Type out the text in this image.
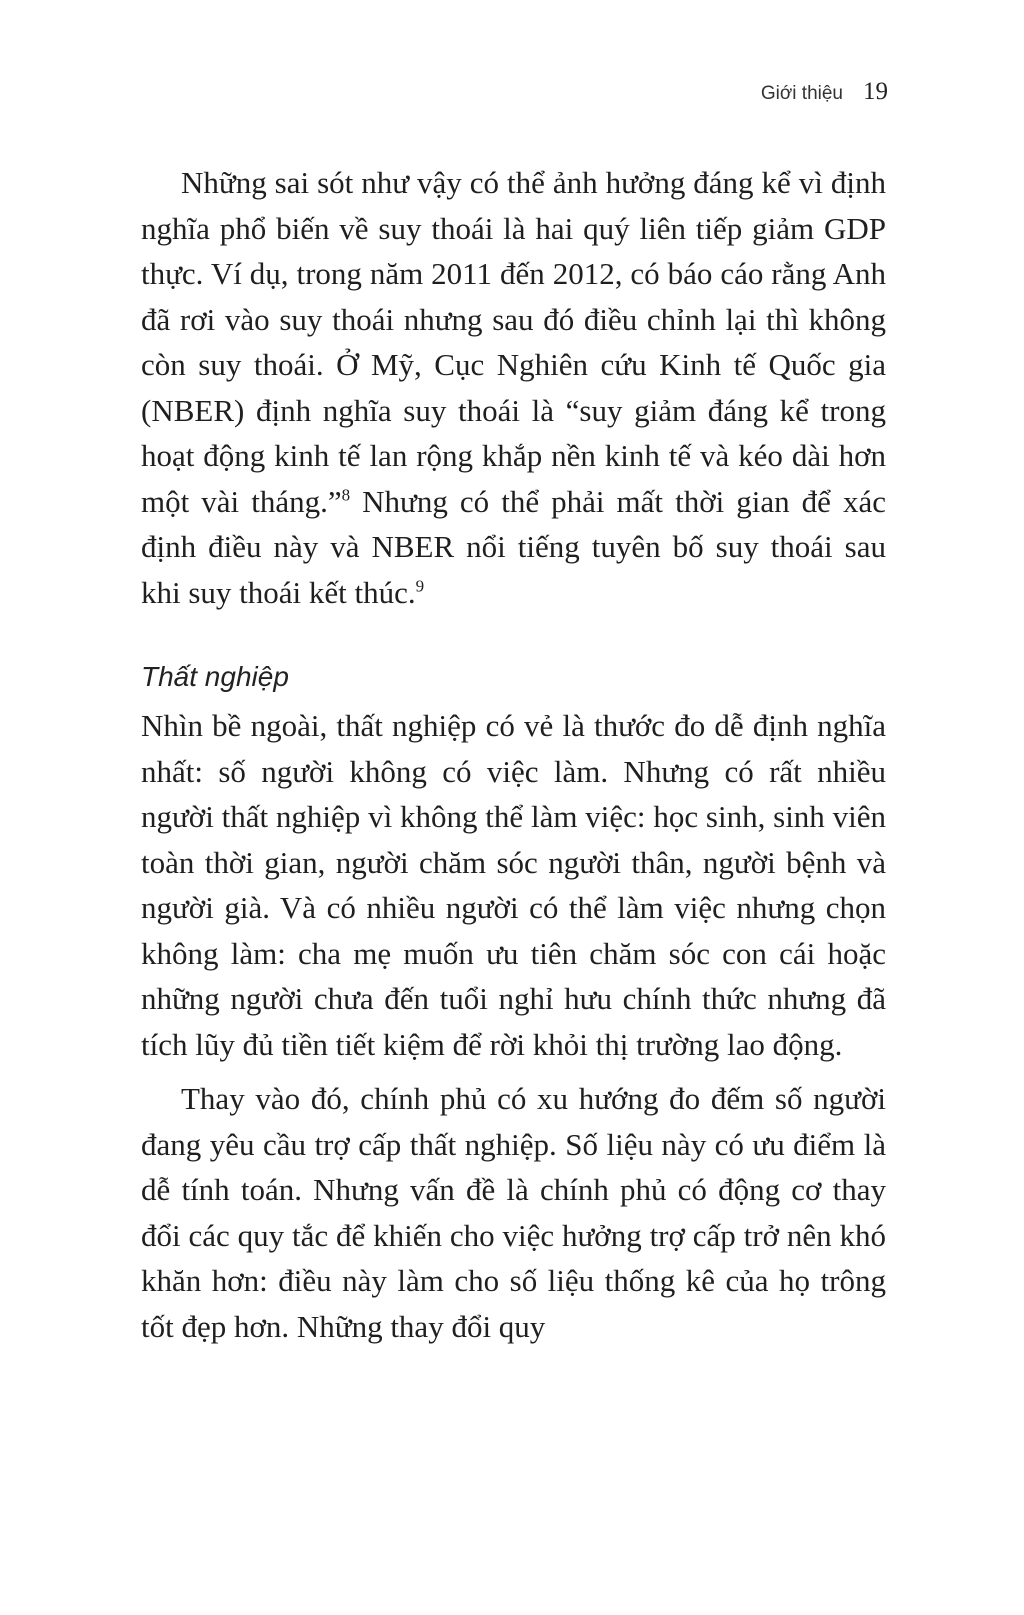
Giới thiệu 19

Những sai sót như vậy có thể ảnh hưởng đáng kể vì định nghĩa phổ biến về suy thoái là hai quý liên tiếp giảm GDP thực. Ví dụ, trong năm 2011 đến 2012, có báo cáo rằng Anh đã rơi vào suy thoái nhưng sau đó điều chỉnh lại thì không còn suy thoái. Ở Mỹ, Cục Nghiên cứu Kinh tế Quốc gia (NBER) định nghĩa suy thoái là “suy giảm đáng kể trong hoạt động kinh tế lan rộng khắp nền kinh tế và kéo dài hơn một vài tháng.”$^8$ Nhưng có thể phải mất thời gian để xác định điều này và NBER nổi tiếng tuyên bố suy thoái sau khi suy thoái kết thúc.$^9$

Thất nghiệp

Nhìn bề ngoài, thất nghiệp có vẻ là thước đo dễ định nghĩa nhất: số người không có việc làm. Nhưng có rất nhiều người thất nghiệp vì không thể làm việc: học sinh, sinh viên toàn thời gian, người chăm sóc người thân, người bệnh và người già. Và có nhiều người có thể làm việc nhưng chọn không làm: cha mẹ muốn ưu tiên chăm sóc con cái hoặc những người chưa đến tuổi nghỉ hưu chính thức nhưng đã tích lũy đủ tiền tiết kiệm để rời khỏi thị trường lao động.

Thay vào đó, chính phủ có xu hướng đo đếm số người đang yêu cầu trợ cấp thất nghiệp. Số liệu này có ưu điểm là dễ tính toán. Nhưng vấn đề là chính phủ có động cơ thay đổi các quy tắc để khiến cho việc hưởng trợ cấp trở nên khó khăn hơn: điều này làm cho số liệu thống kê của họ trông tốt đẹp hơn. Những thay đổi quy
